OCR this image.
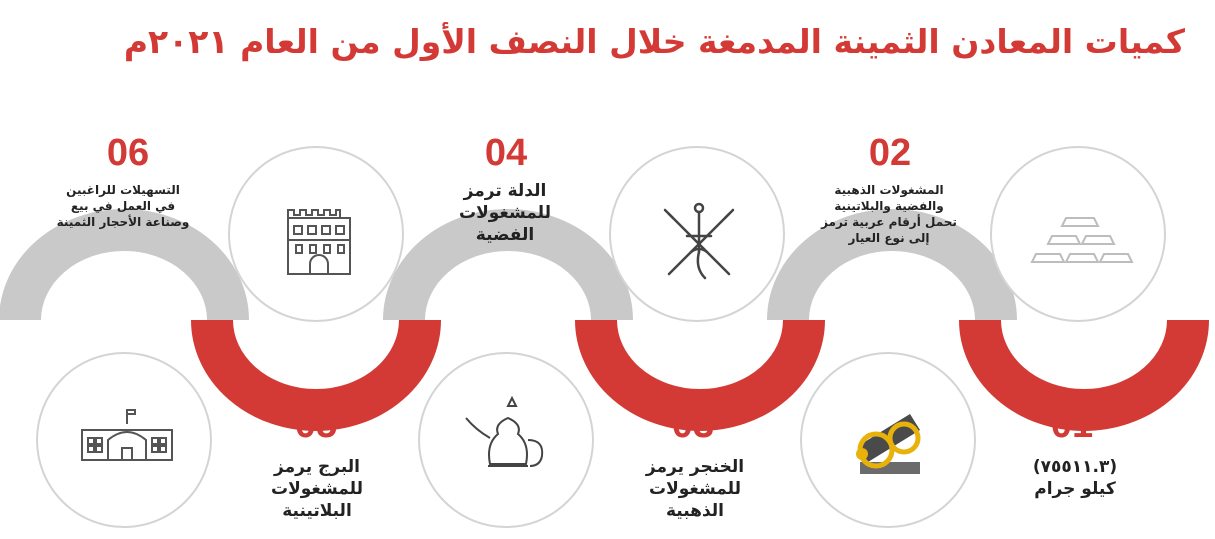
كميات المعادن الثمينة المدمغة خلال النصف الأول من العام ٢٠٢١م
06	04	02
05	03	01
التسهيلات للراغبين
في العمل في بيع
وصناعة الأحجار الثمينة
الدلة ترمز
للمشغولات
الفضية
المشغولات الذهبية
والفضية والبلاتينية
تحمل أرقام عربية ترمز
إلى نوع العيار
البرج يرمز
للمشغولات
البلاتينية
الخنجر يرمز
للمشغولات
الذهبية
(٧٥٥١١.٣)
كيلو جرام
